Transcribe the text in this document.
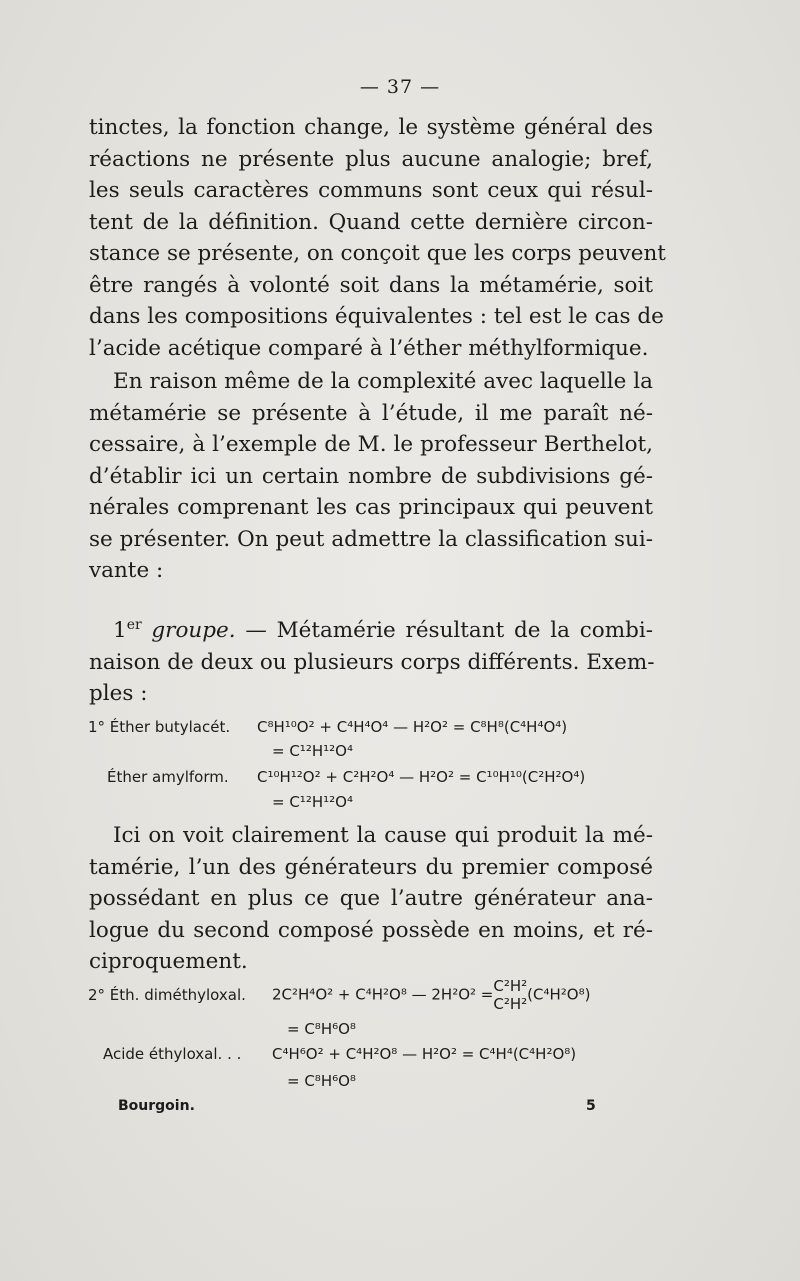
— 37 —
tinctes, la fonction change, le système général des
réactions ne présente plus aucune analogie; bref,
les seuls caractères communs sont ceux qui résul-
tent de la définition. Quand cette dernière circon-
stance se présente, on conçoit que les corps peuvent
être rangés à volonté soit dans la métamérie, soit
dans les compositions équivalentes : tel est le cas de
l’acide acétique comparé à l’éther méthylformique.
En raison même de la complexité avec laquelle la
métamérie se présente à l’étude, il me paraît né-
cessaire, à l’exemple de M. le professeur Berthelot,
d’établir ici un certain nombre de subdivisions gé-
nérales comprenant les cas principaux qui peuvent
se présenter. On peut admettre la classification sui-
vante :
1er groupe. — Métamérie résultant de la combi-
naison de deux ou plusieurs corps différents. Exem-
ples :
1° Éther butylacét. C⁸H¹⁰O² + C⁴H⁴O⁴ — H²O² = C⁸H⁸(C⁴H⁴O⁴)
= C¹²H¹²O⁴
Éther amylform. C¹⁰H¹²O² + C²H²O⁴ — H²O² = C¹⁰H¹⁰(C²H²O⁴)
= C¹²H¹²O⁴
Ici on voit clairement la cause qui produit la mé-
tamérie, l’un des générateurs du premier composé
possédant en plus ce que l’autre générateur ana-
logue du second composé possède en moins, et ré-
ciproquement.
2° Éth. diméthyloxal. 2C²H⁴O² + C⁴H²O⁸ — 2H²O² = C²H²
C²H²
(C⁴H²O⁸)
= C⁸H⁶O⁸
Acide éthyloxal. . . C⁴H⁶O² + C⁴H²O⁸ — H²O² = C⁴H⁴(C⁴H²O⁸)
= C⁸H⁶O⁸
Bourgoin.	5
